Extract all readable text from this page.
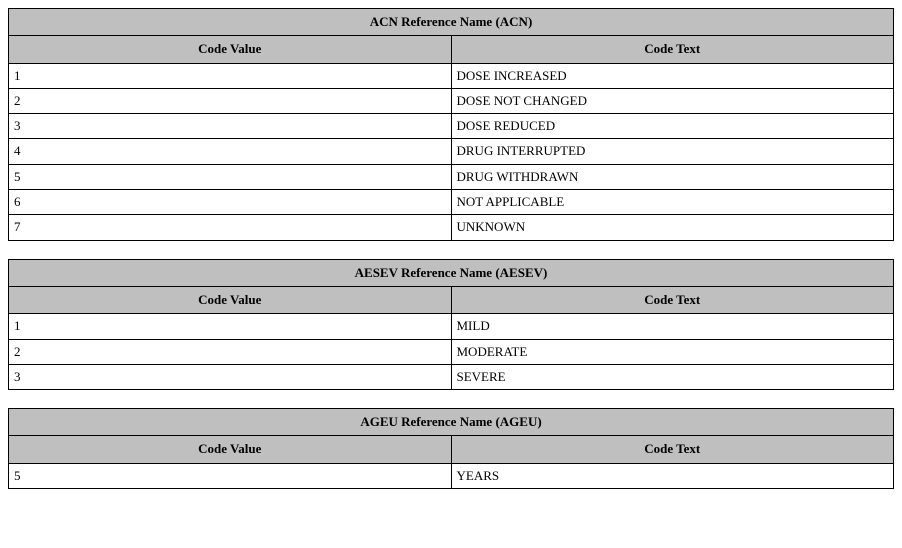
ACN Reference Name (ACN)	
Code Value	Code Text
1	DOSE INCREASED
2	DOSE NOT CHANGED
3	DOSE REDUCED
4	DRUG INTERRUPTED
5	DRUG WITHDRAWN
6	NOT APPLICABLE
7	UNKNOWN
AESEV Reference Name (AESEV)	
Code Value	Code Text
1	MILD
2	MODERATE
3	SEVERE
AGEU Reference Name (AGEU)	
Code Value	Code Text
5	YEARS
